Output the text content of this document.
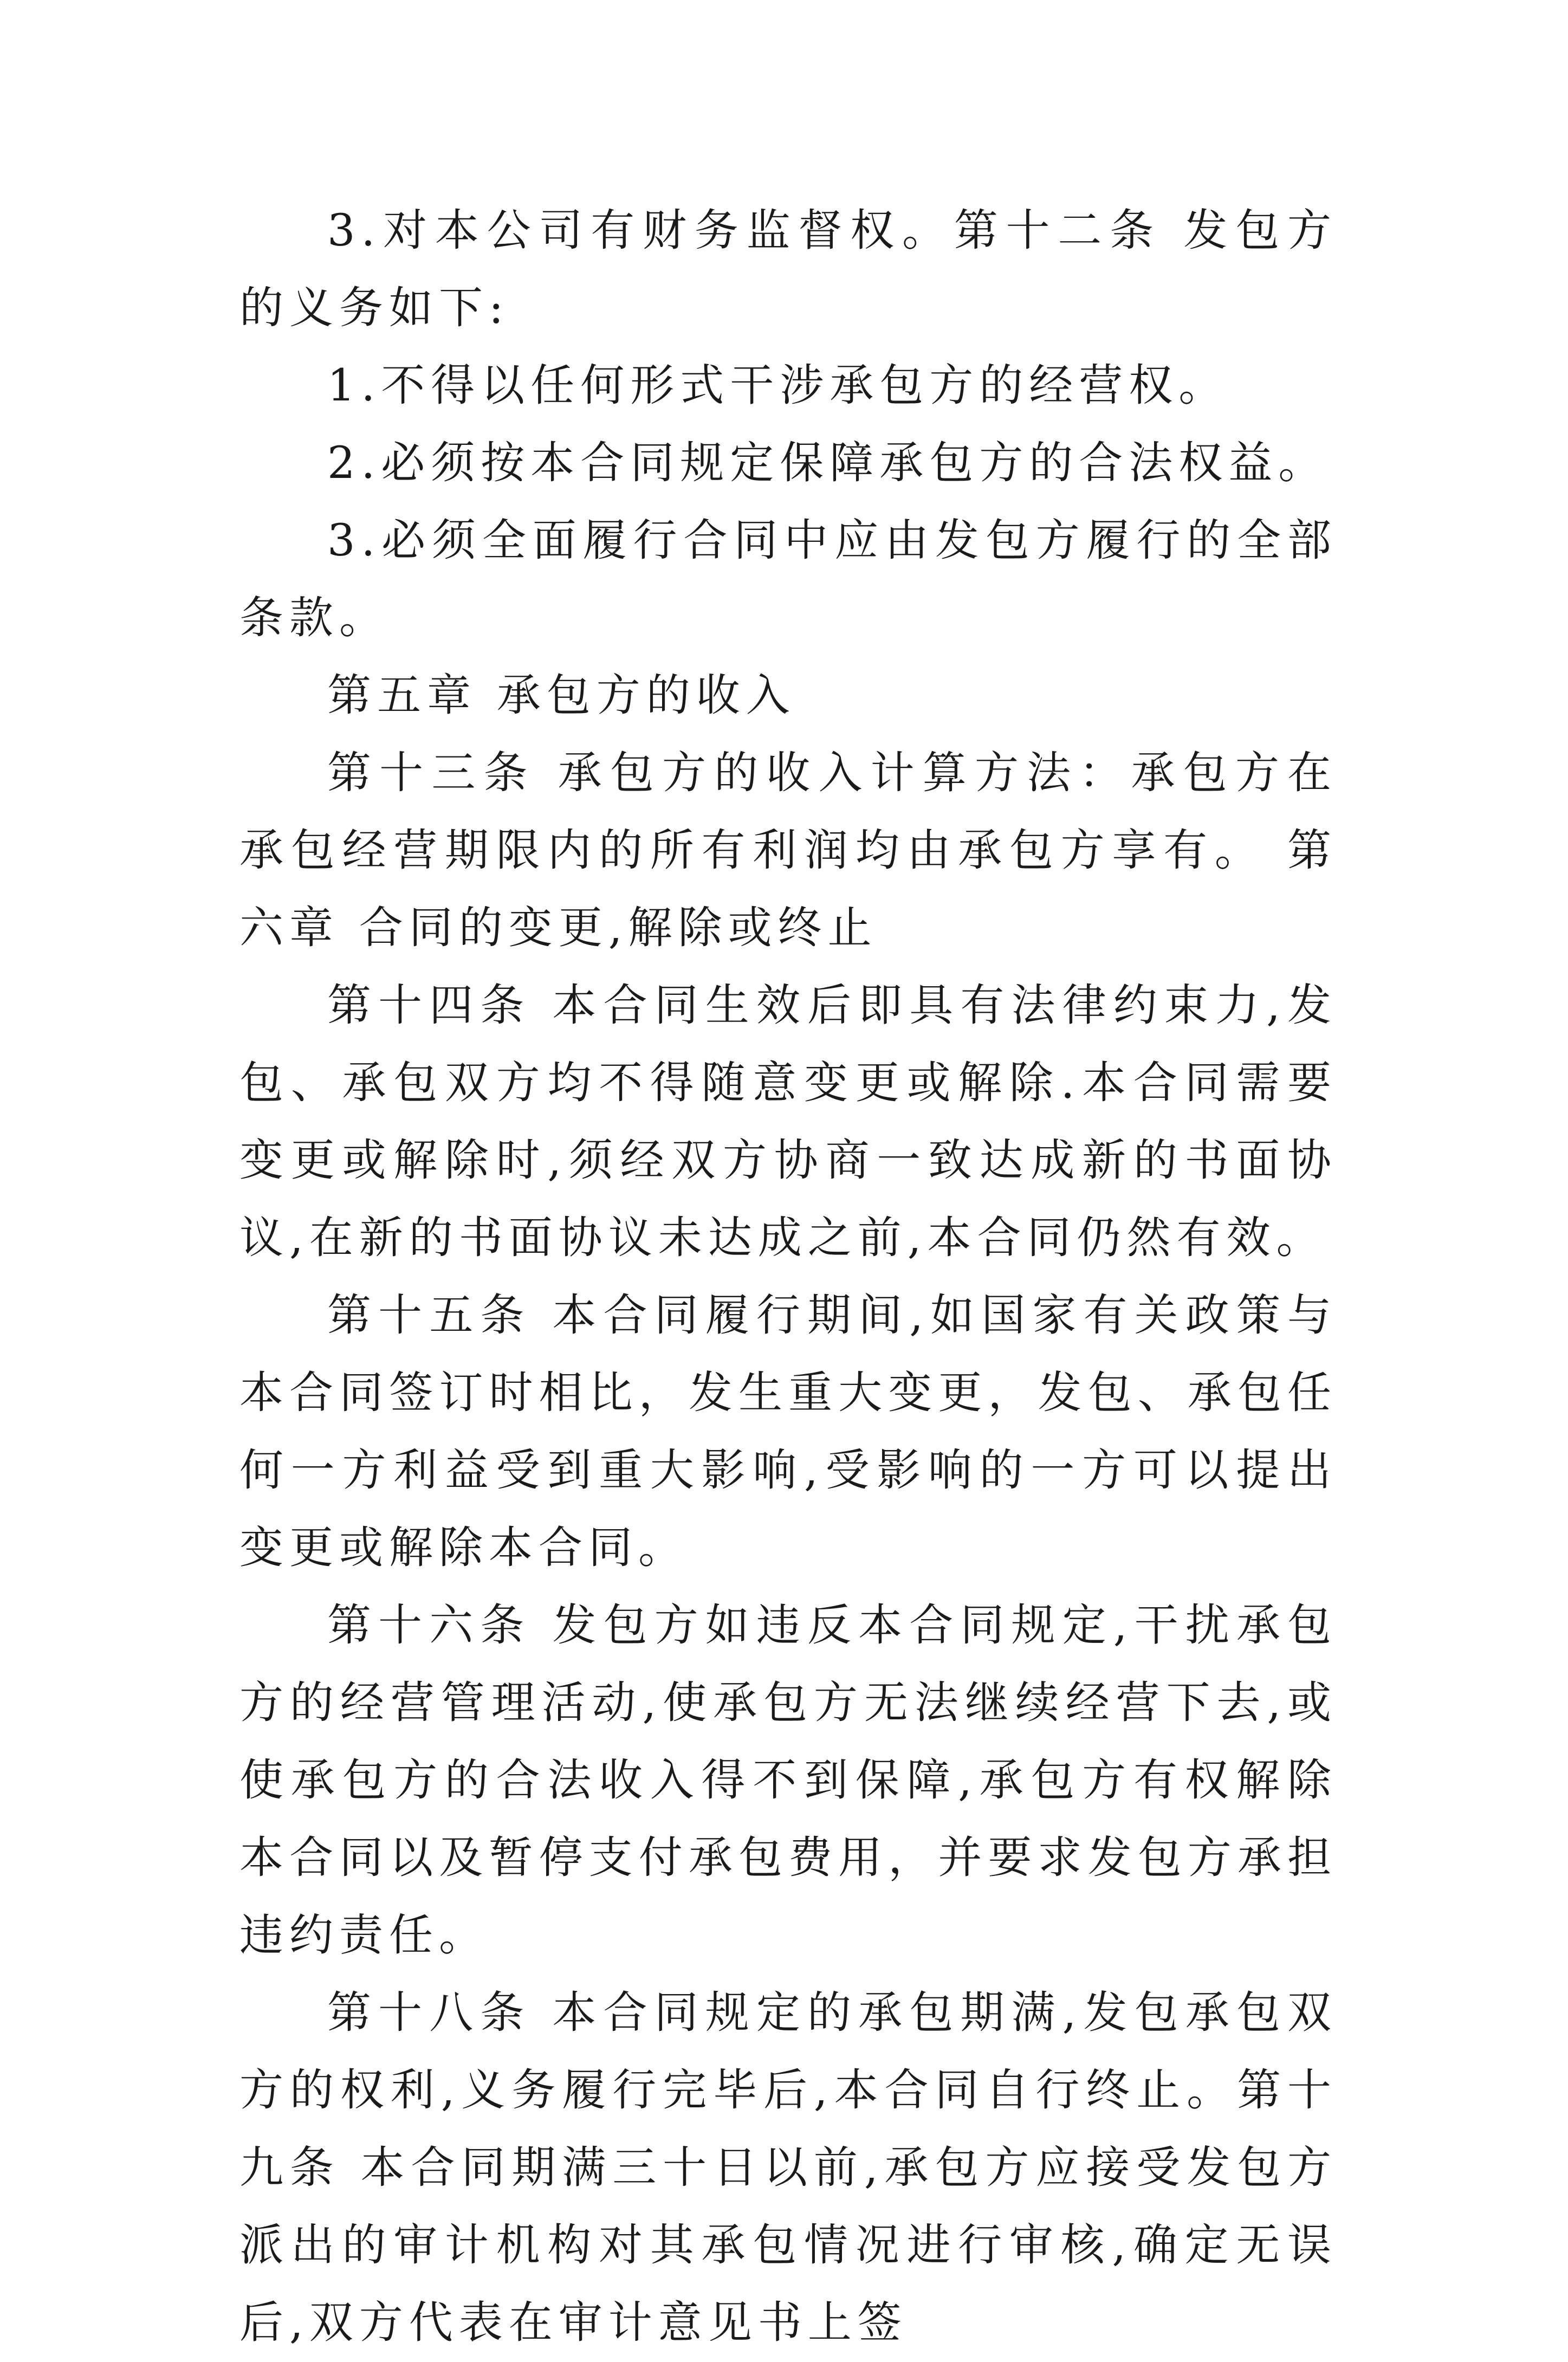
3.对本公司有财务监督权。第十二条 发包方的义务如下:

1.不得以任何形式干涉承包方的经营权。

2.必须按本合同规定保障承包方的合法权益。

3.必须全面履行合同中应由发包方履行的全部条款。

第五章 承包方的收入

第十三条 承包方的收入计算方法：承包方在承包经营期限内的所有利润均由承包方享有。 第六章 合同的变更,解除或终止

第十四条 本合同生效后即具有法律约束力,发包、承包双方均不得随意变更或解除.本合同需要变更或解除时,须经双方协商一致达成新的书面协议,在新的书面协议未达成之前,本合同仍然有效。

第十五条 本合同履行期间,如国家有关政策与本合同签订时相比，发生重大变更，发包、承包任何一方利益受到重大影响,受影响的一方可以提出变更或解除本合同。

第十六条 发包方如违反本合同规定,干扰承包方的经营管理活动,使承包方无法继续经营下去,或使承包方的合法收入得不到保障,承包方有权解除本合同以及暂停支付承包费用，并要求发包方承担违约责任。

第十八条 本合同规定的承包期满,发包承包双方的权利,义务履行完毕后,本合同自行终止。第十九条 本合同期满三十日以前,承包方应接受发包方派出的审计机构对其承包情况进行审核,确定无误后,双方代表在审计意见书上签
